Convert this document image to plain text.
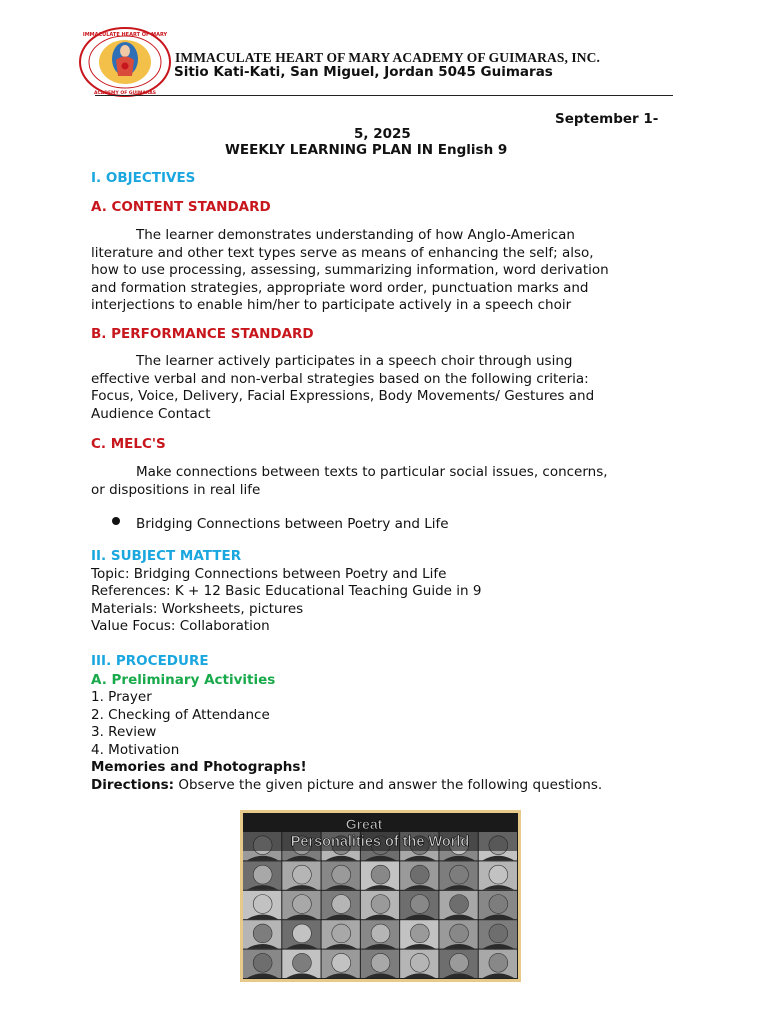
IMMACULATE HEART OF MARY
ACADEMY OF GUIMARAS
IMMACULATE HEART OF MARY ACADEMY OF GUIMARAS, INC.
Sitio Kati-Kati, San Miguel, Jordan 5045 Guimaras
September 1-
5, 2025
WEEKLY LEARNING PLAN IN English 9
I. OBJECTIVES
A. CONTENT STANDARD
The learner demonstrates understanding of how Anglo-American
literature and other text types serve as means of enhancing the self; also,
how to use processing, assessing, summarizing information, word derivation
and formation strategies, appropriate word order, punctuation marks and
interjections to enable him/her to participate actively in a speech choir
B. PERFORMANCE STANDARD
The learner actively participates in a speech choir through using
effective verbal and non-verbal strategies based on the following criteria:
Focus, Voice, Delivery, Facial Expressions, Body Movements/ Gestures and
Audience Contact
C. MELC'S
Make connections between texts to particular social issues, concerns,
or dispositions in real life
Bridging Connections between Poetry and Life
II. SUBJECT MATTER
Topic: Bridging Connections between Poetry and Life
References: K + 12 Basic Educational Teaching Guide in 9
Materials: Worksheets, pictures
Value Focus: Collaboration
III. PROCEDURE
A. Preliminary Activities
1. Prayer
2. Checking of Attendance
3. Review
4. Motivation
Memories and Photographs!
Directions: Observe the given picture and answer the following questions.
Great
Personalities of the World
